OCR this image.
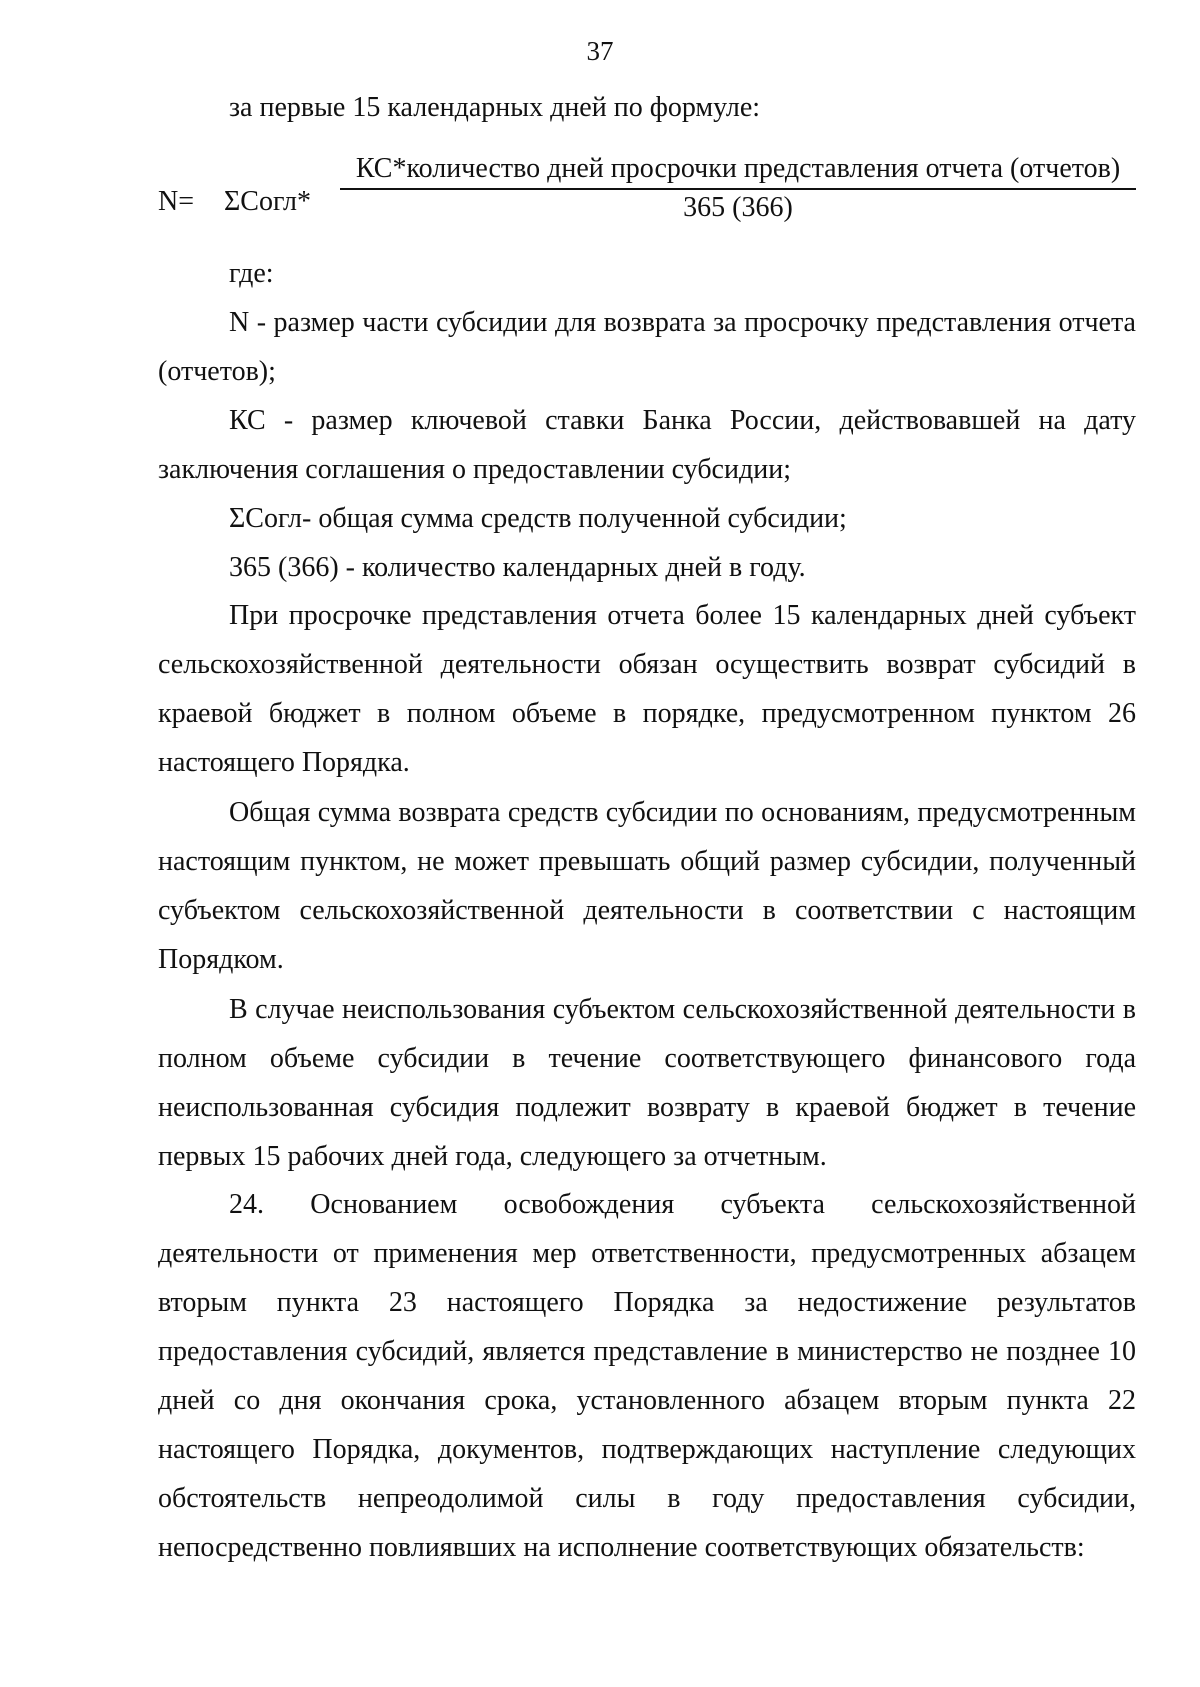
37
за первые 15 календарных дней по формуле:
N= ΣСогл*
КС*количество дней просрочки представления отчета (отчетов)
365 (366)
где:

N - размер части субсидии для возврата за просрочку представления отчета (отчетов);

КС - размер ключевой ставки Банка России, действовавшей на дату заключения соглашения о предоставлении субсидии;

ΣСогл- общая сумма средств полученной субсидии;

365 (366) - количество календарных дней в году.

При просрочке представления отчета более 15 календарных дней субъект сельскохозяйственной деятельности обязан осуществить возврат субсидий в краевой бюджет в полном объеме в порядке, предусмотренном пунктом 26 настоящего Порядка.

Общая сумма возврата средств субсидии по основаниям, предусмотренным настоящим пунктом, не может превышать общий размер субсидии, полученный субъектом сельскохозяйственной деятельности в соответствии с настоящим Порядком.

В случае неиспользования субъектом сельскохозяйственной деятельности в полном объеме субсидии в течение соответствующего финансового года неиспользованная субсидия подлежит возврату в краевой бюджет в течение первых 15 рабочих дней года, следующего за отчетным.

24. Основанием освобождения субъекта сельскохозяйственной деятельности от применения мер ответственности, предусмотренных абзацем вторым пункта 23 настоящего Порядка за недостижение результатов предоставления субсидий, является представление в министерство не позднее 10 дней со дня окончания срока, установленного абзацем вторым пункта 22 настоящего Порядка, документов, подтверждающих наступление следующих обстоятельств непреодолимой силы в году предоставления субсидии, непосредственно повлиявших на исполнение соответствующих обязательств:
